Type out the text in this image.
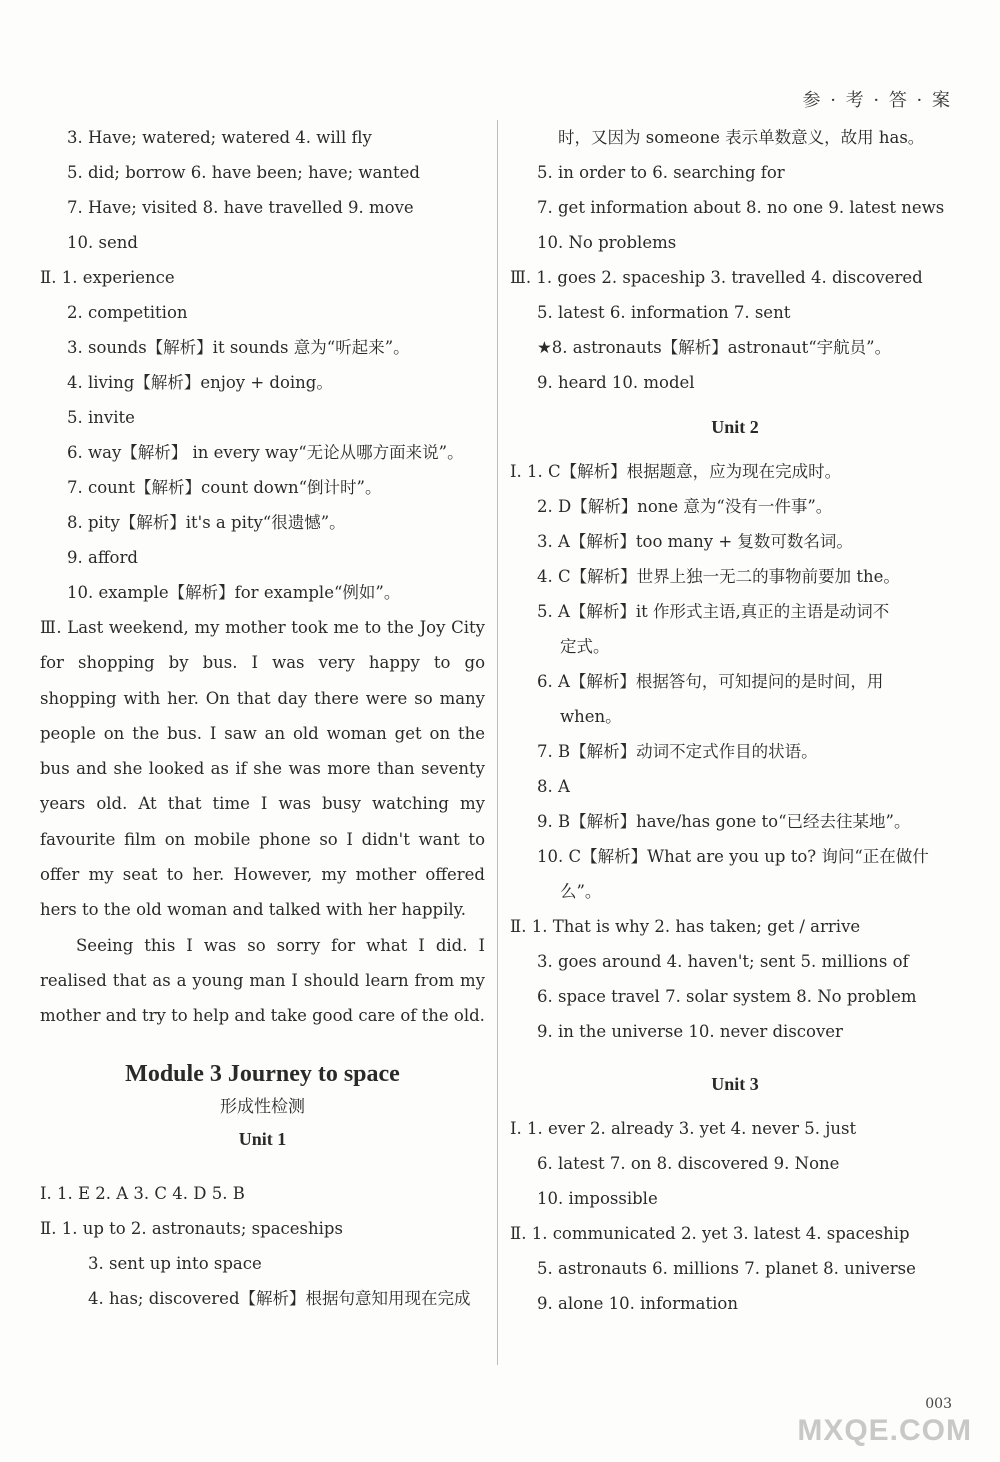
参 · 考 · 答 · 案
3. Have; watered; watered 4. will fly
5. did; borrow 6. have been; have; wanted
7. Have; visited 8. have travelled 9. move
10. send
Ⅱ. 1. experience
2. competition
3. sounds【解析】it sounds 意为“听起来”。
4. living【解析】enjoy + doing。
5. invite
6. way【解析】 in every way“无论从哪方面来说”。
7. count【解析】count down“倒计时”。
8. pity【解析】it's a pity“很遗憾”。
9. afford
10. example【解析】for example“例如”。
Ⅲ. Last weekend, my mother took me to the Joy City for shopping by bus. I was very happy to go shopping with her. On that day there were so many people on the bus. I saw an old woman get on the bus and she looked as if she was more than seventy years old. At that time I was busy watching my favourite film on mobile phone so I didn't want to offer my seat to her. However, my mother offered hers to the old woman and talked with her happily.
Seeing this I was so sorry for what I did. I realised that as a young man I should learn from my mother and try to help and take good care of the old.
Module 3 Journey to space
形成性检测
Unit 1
Ⅰ. 1. E 2. A 3. C 4. D 5. B
Ⅱ. 1. up to 2. astronauts; spaceships
3. sent up into space
4. has; discovered【解析】根据句意知用现在完成
时，又因为 someone 表示单数意义，故用 has。
5. in order to 6. searching for
7. get information about 8. no one 9. latest news
10. No problems
Ⅲ. 1. goes 2. spaceship 3. travelled 4. discovered
5. latest 6. information 7. sent
★8. astronauts【解析】astronaut“宇航员”。
9. heard 10. model
Unit 2
Ⅰ. 1. C【解析】根据题意，应为现在完成时。
2. D【解析】none 意为“没有一件事”。
3. A【解析】too many + 复数可数名词。
4. C【解析】世界上独一无二的事物前要加 the。
5. A【解析】it 作形式主语,真正的主语是动词不
定式。
6. A【解析】根据答句，可知提问的是时间，用
when。
7. B【解析】动词不定式作目的状语。
8. A
9. B【解析】have/has gone to“已经去往某地”。
10. C【解析】What are you up to? 询问“正在做什
么”。
Ⅱ. 1. That is why 2. has taken; get / arrive
3. goes around 4. haven't; sent 5. millions of
6. space travel 7. solar system 8. No problem
9. in the universe 10. never discover
Unit 3
Ⅰ. 1. ever 2. already 3. yet 4. never 5. just
6. latest 7. on 8. discovered 9. None
10. impossible
Ⅱ. 1. communicated 2. yet 3. latest 4. spaceship
5. astronauts 6. millions 7. planet 8. universe
9. alone 10. information
003
MXQE.COM
